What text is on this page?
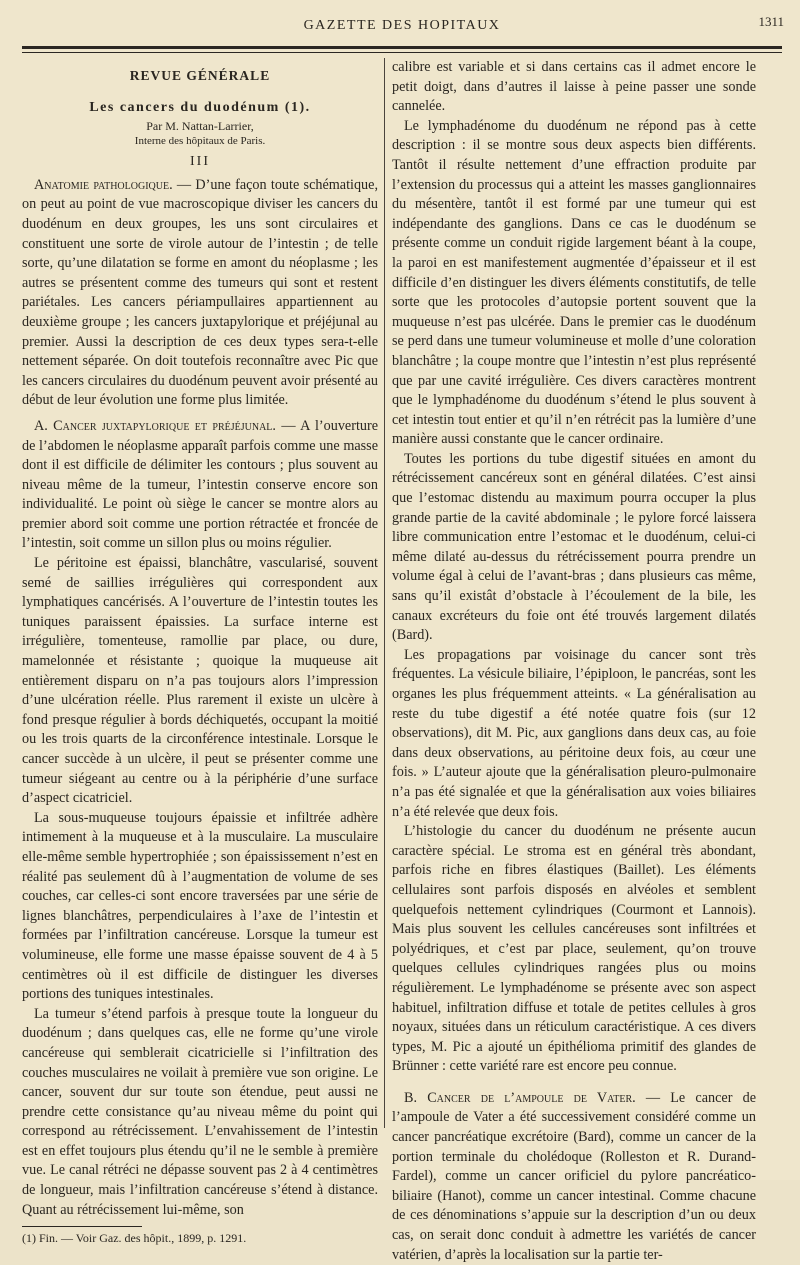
GAZETTE DES HOPITAUX	1311
REVUE GÉNÉRALE
Les cancers du duodénum (1).
Par M. Nattan-Larrier,
Interne des hôpitaux de Paris.
III

Anatomie pathologique. — D’une façon toute schématique, on peut au point de vue macroscopique diviser les cancers du duodénum en deux groupes, les uns sont circulaires et constituent une sorte de virole autour de l’intestin ; de telle sorte, qu’une dilatation se forme en amont du néoplasme ; les autres se présentent comme des tumeurs qui sont et restent pariétales. Les cancers périampullaires appartiennent au deuxième groupe ; les cancers juxtapylorique et préjéjunal au premier. Aussi la description de ces deux types sera-t-elle nettement séparée. On doit toutefois reconnaître avec Pic que les cancers circulaires du duodénum peuvent avoir présenté au début de leur évolution une forme plus limitée.

A. Cancer juxtapylorique et préjéjunal. — A l’ouverture de l’abdomen le néoplasme apparaît parfois comme une masse dont il est difficile de délimiter les contours ; plus souvent au niveau même de la tumeur, l’intestin conserve encore son individualité. Le point où siège le cancer se montre alors au premier abord soit comme une portion rétractée et froncée de l’intestin, soit comme un sillon plus ou moins régulier.

Le péritoine est épaissi, blanchâtre, vascularisé, souvent semé de saillies irrégulières qui correspondent aux lymphatiques cancérisés. A l’ouverture de l’intestin toutes les tuniques paraissent épaissies. La surface interne est irrégulière, tomenteuse, ramollie par place, ou dure, mamelonnée et résistante ; quoique la muqueuse ait entièrement disparu on n’a pas toujours alors l’impression d’une ulcération réelle. Plus rarement il existe un ulcère à fond presque régulier à bords déchiquetés, occupant la moitié ou les trois quarts de la circonférence intestinale. Lorsque le cancer succède à un ulcère, il peut se présenter comme une tumeur siégeant au centre ou à la périphérie d’une surface d’aspect cicatriciel.

La sous-muqueuse toujours épaissie et infiltrée adhère intimement à la muqueuse et à la musculaire. La musculaire elle-même semble hypertrophiée ; son épaississement n’est en réalité pas seulement dû à l’augmentation de volume de ses couches, car celles-ci sont encore traversées par une série de lignes blanchâtres, perpendiculaires à l’axe de l’intestin et formées par l’infiltration cancéreuse. Lorsque la tumeur est volumineuse, elle forme une masse épaisse souvent de 4 à 5 centimètres où il est difficile de distinguer les diverses portions des tuniques intestinales.

La tumeur s’étend parfois à presque toute la longueur du duodénum ; dans quelques cas, elle ne forme qu’une virole cancéreuse qui semblerait cicatricielle si l’infiltration des couches musculaires ne voilait à première vue son origine. Le cancer, souvent dur sur toute son étendue, peut aussi ne prendre cette consistance qu’au niveau même du point qui correspond au rétrécissement. L’envahissement de l’intestin est en effet toujours plus étendu qu’il ne le semble à première vue. Le canal rétréci ne dépasse souvent pas 2 à 4 centimètres de longueur, mais l’infiltration cancéreuse s’étend à distance. Quant au rétrécissement lui-même, son

(1) Fin. — Voir Gaz. des hôpit., 1899, p. 1291.

calibre est variable et si dans certains cas il admet encore le petit doigt, dans d’autres il laisse à peine passer une sonde cannelée.

Le lymphadénome du duodénum ne répond pas à cette description : il se montre sous deux aspects bien différents. Tantôt il résulte nettement d’une effraction produite par l’extension du processus qui a atteint les masses ganglionnaires du mésentère, tantôt il est formé par une tumeur qui est indépendante des ganglions. Dans ce cas le duodénum se présente comme un conduit rigide largement béant à la coupe, la paroi en est manifestement augmentée d’épaisseur et il est difficile d’en distinguer les divers éléments constitutifs, de telle sorte que les protocoles d’autopsie portent souvent que la muqueuse n’est pas ulcérée. Dans le premier cas le duodénum se perd dans une tumeur volumineuse et molle d’une coloration blanchâtre ; la coupe montre que l’intestin n’est plus représenté que par une cavité irrégulière. Ces divers caractères montrent que le lymphadénome du duodénum s’étend le plus souvent à cet intestin tout entier et qu’il n’en rétrécit pas la lumière d’une manière aussi constante que le cancer ordinaire.

Toutes les portions du tube digestif situées en amont du rétrécissement cancéreux sont en général dilatées. C’est ainsi que l’estomac distendu au maximum pourra occuper la plus grande partie de la cavité abdominale ; le pylore forcé laissera libre communication entre l’estomac et le duodénum, celui-ci même dilaté au-dessus du rétrécissement pourra prendre un volume égal à celui de l’avant-bras ; dans plusieurs cas même, sans qu’il existât d’obstacle à l’écoulement de la bile, les canaux excréteurs du foie ont été trouvés largement dilatés (Bard).

Les propagations par voisinage du cancer sont très fréquentes. La vésicule biliaire, l’épiploon, le pancréas, sont les organes les plus fréquemment atteints. « La généralisation au reste du tube digestif a été notée quatre fois (sur 12 observations), dit M. Pic, aux ganglions dans deux cas, au foie dans deux observations, au péritoine deux fois, au cœur une fois. » L’auteur ajoute que la généralisation pleuro-pulmonaire n’a pas été signalée et que la généralisation aux voies biliaires n’a été relevée que deux fois.

L’histologie du cancer du duodénum ne présente aucun caractère spécial. Le stroma est en général très abondant, parfois riche en fibres élastiques (Baillet). Les éléments cellulaires sont parfois disposés en alvéoles et semblent quelquefois nettement cylindriques (Courmont et Lannois). Mais plus souvent les cellules cancéreuses sont infiltrées et polyédriques, et c’est par place, seulement, qu’on trouve quelques cellules cylindriques rangées plus ou moins régulièrement. Le lymphadénome se présente avec son aspect habituel, infiltration diffuse et totale de petites cellules à gros noyaux, situées dans un réticulum caractéristique. A ces divers types, M. Pic a ajouté un épithélioma primitif des glandes de Brünner : cette variété rare est encore peu connue.

B. Cancer de l’ampoule de Vater. — Le cancer de l’ampoule de Vater a été successivement considéré comme un cancer pancréatique excrétoire (Bard), comme un cancer de la portion terminale du cholédoque (Rolleston et R. Durand-Fardel), comme un cancer orificiel du pylore pancréatico-biliaire (Hanot), comme un cancer intestinal. Comme chacune de ces dénominations s’appuie sur la description d’un ou deux cas, on serait donc conduit à admettre les variétés de cancer vatérien, d’après la localisation sur la partie ter-
